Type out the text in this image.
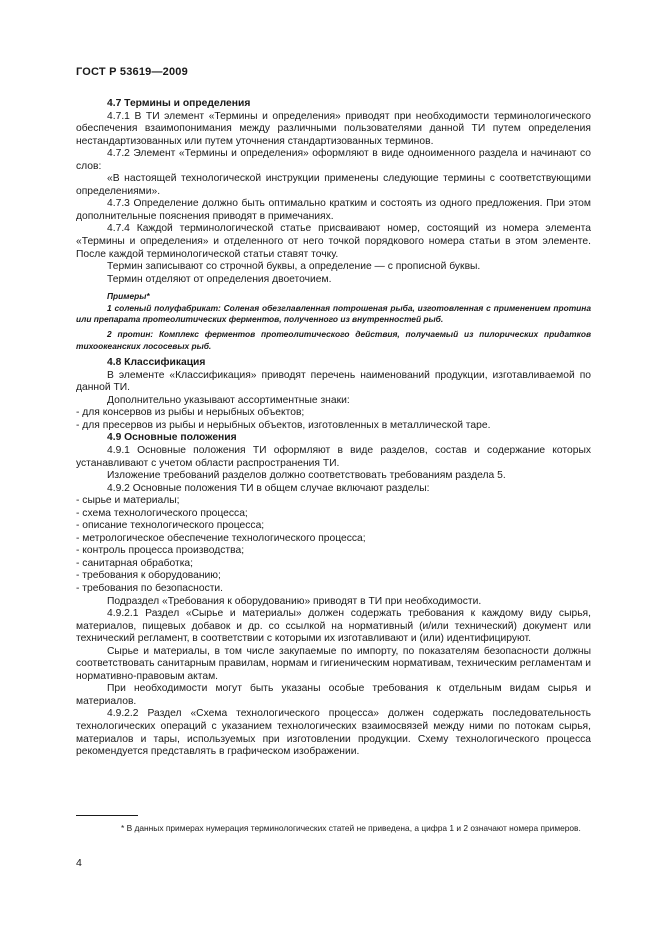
ГОСТ Р 53619—2009

4.7 Термины и определения

4.7.1 В ТИ элемент «Термины и определения» приводят при необходимости терминологического обеспечения взаимопонимания между различными пользователями данной ТИ путем определения нестандартизованных или путем уточнения стандартизованных терминов.

4.7.2 Элемент «Термины и определения» оформляют в виде одноименного раздела и начинают со слов:

«В настоящей технологической инструкции применены следующие термины с соответствующими определениями».

4.7.3 Определение должно быть оптимально кратким и состоять из одного предложения. При этом дополнительные пояснения приводят в примечаниях.

4.7.4 Каждой терминологической статье присваивают номер, состоящий из номера элемента «Термины и определения» и отделенного от него точкой порядкового номера статьи в этом элементе. После каждой терминологической статьи ставят точку.

Термин записывают со строчной буквы, а определение — с прописной буквы.

Термин отделяют от определения двоеточием.

Примеры*

1 соленый полуфабрикат: Соленая обезглавленная потрошеная рыба, изготовленная с применением протина или препарата протеолитических ферментов, полученного из внутренностей рыб.

2 протин: Комплекс ферментов протеолитического действия, получаемый из пилорических придатков тихоокеанских лососевых рыб.

4.8 Классификация

В элементе «Классификация» приводят перечень наименований продукции, изготавливаемой по данной ТИ.

Дополнительно указывают ассортиментные знаки:

- для консервов из рыбы и нерыбных объектов;

- для пресервов из рыбы и нерыбных объектов, изготовленных в металлической таре.

4.9 Основные положения

4.9.1 Основные положения ТИ оформляют в виде разделов, состав и содержание которых устанавливают с учетом области распространения ТИ.

Изложение требований разделов должно соответствовать требованиям раздела 5.

4.9.2 Основные положения ТИ в общем случае включают разделы:

- сырье и материалы;

- схема технологического процесса;

- описание технологического процесса;

- метрологическое обеспечение технологического процесса;

- контроль процесса производства;

- санитарная обработка;

- требования к оборудованию;

- требования по безопасности.

Подраздел «Требования к оборудованию» приводят в ТИ при необходимости.

4.9.2.1 Раздел «Сырье и материалы» должен содержать требования к каждому виду сырья, материалов, пищевых добавок и др. со ссылкой на нормативный (и/или технический) документ или технический регламент, в соответствии с которыми их изготавливают и (или) идентифицируют.

Сырье и материалы, в том числе закупаемые по импорту, по показателям безопасности должны соответствовать санитарным правилам, нормам и гигиеническим нормативам, техническим регламентам и нормативно-правовым актам.

При необходимости могут быть указаны особые требования к отдельным видам сырья и материалов.

4.9.2.2 Раздел «Схема технологического процесса» должен содержать последовательность технологических операций с указанием технологических взаимосвязей между ними по потокам сырья, материалов и тары, используемых при изготовлении продукции. Схему технологического процесса рекомендуется представлять в графическом изображении.

* В данных примерах нумерация терминологических статей не приведена, а цифра 1 и 2 означают номера примеров.

4
